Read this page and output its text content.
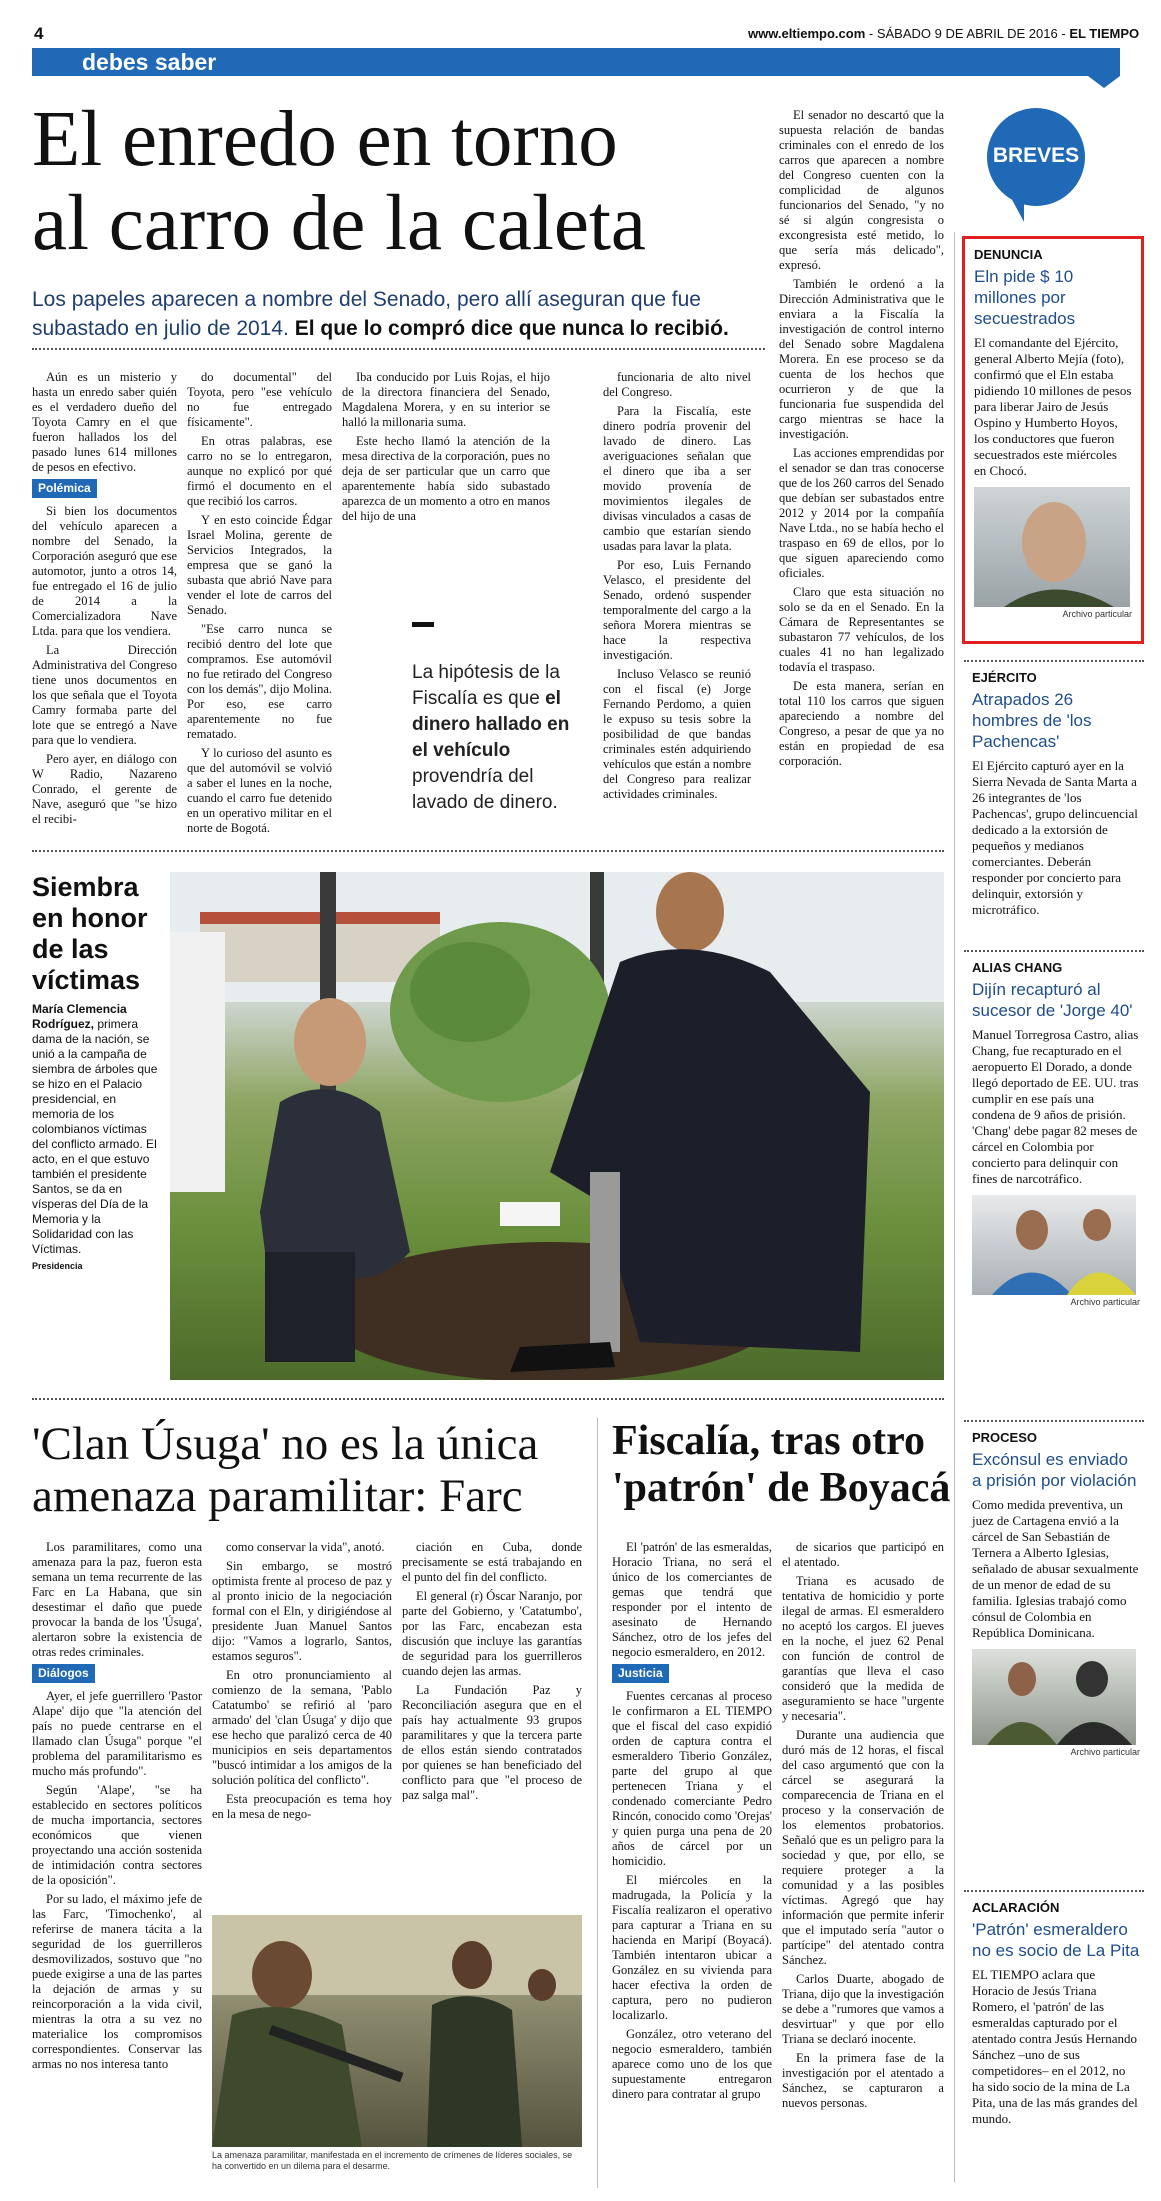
4	www.eltiempo.com - SÁBADO 9 DE ABRIL DE 2016 - EL TIEMPO
debes saber
El enredo en torno
al carro de la caleta
Los papeles aparecen a nombre del Senado, pero allí aseguran que fue
subastado en julio de 2014. El que lo compró dice que nunca lo recibió.

Aún es un misterio y hasta un enredo saber quién es el verdadero dueño del Toyota Camry en el que fueron hallados los del pasado lunes 614 millones de pesos en efectivo.

Polémica

Si bien los documentos del vehículo aparecen a nombre del Senado, la Corporación aseguró que ese automotor, junto a otros 14, fue entregado el 16 de julio de 2014 a la Comercializadora Nave Ltda. para que los vendiera.

La Dirección Administrativa del Congreso tiene unos documentos en los que señala que el Toyota Camry formaba parte del lote que se entregó a Nave para que lo vendiera.

Pero ayer, en diálogo con W Radio, Nazareno Conrado, el gerente de Nave, aseguró que "se hizo el recibi-

do documental" del Toyota, pero "ese vehículo no fue entregado físicamente".

En otras palabras, ese carro no se lo entregaron, aunque no explicó por qué firmó el documento en el que recibió los carros.

Y en esto coincide Édgar Israel Molina, gerente de Servicios Integrados, la empresa que se ganó la subasta que abrió Nave para vender el lote de carros del Senado.

"Ese carro nunca se recibió dentro del lote que compramos. Ese automóvil no fue retirado del Congreso con los demás", dijo Molina. Por eso, ese carro aparentemente no fue rematado.

Y lo curioso del asunto es que del automóvil se volvió a saber el lunes en la noche, cuando el carro fue detenido en un operativo militar en el norte de Bogotá.

Iba conducido por Luis Rojas, el hijo de la directora financiera del Senado, Magdalena Morera, y en su interior se halló la millonaria suma.

Este hecho llamó la atención de la mesa directiva de la corporación, pues no deja de ser particular que un carro que aparentemente había sido subastado aparezca de un momento a otro en manos del hijo de una

La hipótesis de la Fiscalía es que el dinero hallado en el vehículo provendría del lavado de dinero.

funcionaria de alto nivel del Congreso.

Para la Fiscalía, este dinero podría provenir del lavado de dinero. Las averiguaciones señalan que el dinero que iba a ser movido provenía de movimientos ilegales de divisas vinculados a casas de cambio que estarían siendo usadas para lavar la plata.

Por eso, Luis Fernando Velasco, el presidente del Senado, ordenó suspender temporalmente del cargo a la señora Morera mientras se hace la respectiva investigación.

Incluso Velasco se reunió con el fiscal (e) Jorge Fernando Perdomo, a quien le expuso su tesis sobre la posibilidad de que bandas criminales estén adquiriendo vehículos que están a nombre del Congreso para realizar actividades criminales.

El senador no descartó que la supuesta relación de bandas criminales con el enredo de los carros que aparecen a nombre del Congreso cuenten con la complicidad de algunos funcionarios del Senado, "y no sé si algún congresista o excongresista esté metido, lo que sería más delicado", expresó.

También le ordenó a la Dirección Administrativa que le enviara a la Fiscalía la investigación de control interno del Senado sobre Magdalena Morera. En ese proceso se da cuenta de los hechos que ocurrieron y de que la funcionaria fue suspendida del cargo mientras se hace la investigación.

Las acciones emprendidas por el senador se dan tras conocerse que de los 260 carros del Senado que debían ser subastados entre 2012 y 2014 por la compañía Nave Ltda., no se había hecho el traspaso en 69 de ellos, por lo que siguen apareciendo como oficiales.

Claro que esta situación no solo se da en el Senado. En la Cámara de Representantes se subastaron 77 vehículos, de los cuales 41 no han legalizado todavía el traspaso.

De esta manera, serían en total 110 los carros que siguen apareciendo a nombre del Congreso, a pesar de que ya no están en propiedad de esa corporación.

Siembra en honor de las víctimas
María Clemencia Rodríguez, primera dama de la nación, se unió a la campaña de siembra de árboles que se hizo en el Palacio presidencial, en memoria de los colombianos víctimas del conflicto armado. El acto, en el que estuvo también el presidente Santos, se da en vísperas del Día de la Memoria y la Solidaridad con las Víctimas.
Presidencia
'Clan Úsuga' no es la única amenaza paramilitar: Farc

Los paramilitares, como una amenaza para la paz, fueron esta semana un tema recurrente de las Farc en La Habana, que sin desestimar el daño que puede provocar la banda de los 'Úsuga', alertaron sobre la existencia de otras redes criminales.

Diálogos

Ayer, el jefe guerrillero 'Pastor Alape' dijo que "la atención del país no puede centrarse en el llamado clan Úsuga" porque "el problema del paramilitarismo es mucho más profundo".

Según 'Alape', "se ha establecido en sectores políticos de mucha importancia, sectores económicos que vienen proyectando una acción sostenida de intimidación contra sectores de la oposición".

Por su lado, el máximo jefe de las Farc, 'Timochenko', al referirse de manera tácita a la seguridad de los guerrilleros desmovilizados, sostuvo que "no puede exigirse a una de las partes la dejación de armas y su reincorporación a la vida civil, mientras la otra a su vez no materialice los compromisos correspondientes. Conservar las armas no nos interesa tanto

como conservar la vida", anotó.

Sin embargo, se mostró optimista frente al proceso de paz y al pronto inicio de la negociación formal con el Eln, y dirigiéndose al presidente Juan Manuel Santos dijo: "Vamos a lograrlo, Santos, estamos seguros".

En otro pronunciamiento al comienzo de la semana, 'Pablo Catatumbo' se refirió al 'paro armado' del 'clan Úsuga' y dijo que ese hecho que paralizó cerca de 40 municipios en seis departamentos "buscó intimidar a los amigos de la solución política del conflicto".

Esta preocupación es tema hoy en la mesa de nego-

ciación en Cuba, donde precisamente se está trabajando en el punto del fin del conflicto.

El general (r) Óscar Naranjo, por parte del Gobierno, y 'Catatumbo', por las Farc, encabezan esta discusión que incluye las garantías de seguridad para los guerrilleros cuando dejen las armas.

La Fundación Paz y Reconciliación asegura que en el país hay actualmente 93 grupos paramilitares y que la tercera parte de ellos están siendo contratados por quienes se han beneficiado del conflicto para que "el proceso de paz salga mal".

La amenaza paramilitar, manifestada en el incremento de crímenes de líderes sociales, se ha convertido en un dilema para el desarme.
Fiscalía, tras otro 'patrón' de Boyacá

El 'patrón' de las esmeraldas, Horacio Triana, no será el único de los comerciantes de gemas que tendrá que responder por el intento de asesinato de Hernando Sánchez, otro de los jefes del negocio esmeraldero, en 2012.

Justicia

Fuentes cercanas al proceso le confirmaron a EL TIEMPO que el fiscal del caso expidió orden de captura contra el esmeraldero Tiberio González, parte del grupo al que pertenecen Triana y el condenado comerciante Pedro Rincón, conocido como 'Orejas' y quien purga una pena de 20 años de cárcel por un homicidio.

El miércoles en la madrugada, la Policía y la Fiscalía realizaron el operativo para capturar a Triana en su hacienda en Maripí (Boyacá). También intentaron ubicar a González en su vivienda para hacer efectiva la orden de captura, pero no pudieron localizarlo.

González, otro veterano del negocio esmeraldero, también aparece como uno de los que supuestamente entregaron dinero para contratar al grupo

de sicarios que participó en el atentado.

Triana es acusado de tentativa de homicidio y porte ilegal de armas. El esmeraldero no aceptó los cargos. El jueves en la noche, el juez 62 Penal con función de control de garantías que lleva el caso consideró que la medida de aseguramiento se hace "urgente y necesaria".

Durante una audiencia que duró más de 12 horas, el fiscal del caso argumentó que con la cárcel se asegurará la comparecencia de Triana en el proceso y la conservación de los elementos probatorios. Señaló que es un peligro para la sociedad y que, por ello, se requiere proteger a la comunidad y a las posibles víctimas. Agregó que hay información que permite inferir que el imputado sería "autor o partícipe" del atentado contra Sánchez.

Carlos Duarte, abogado de Triana, dijo que la investigación se debe a "rumores que vamos a desvirtuar" y que por ello Triana se declaró inocente.

En la primera fase de la investigación por el atentado a Sánchez, se capturaron a nuevos personas.

BREVES
DENUNCIA
Eln pide $ 10 millones por secuestrados
El comandante del Ejército, general Alberto Mejía (foto), confirmó que el Eln estaba pidiendo 10 millones de pesos para liberar Jairo de Jesús Ospino y Humberto Hoyos, los conductores que fueron secuestrados este miércoles en Chocó.
Archivo particular
EJÉRCITO
Atrapados 26 hombres de 'los Pachencas'
El Ejército capturó ayer en la Sierra Nevada de Santa Marta a 26 integrantes de 'los Pachencas', grupo delincuencial dedicado a la extorsión de pequeños y medianos comerciantes. Deberán responder por concierto para delinquir, extorsión y microtráfico.
ALIAS CHANG
Dijín recapturó al sucesor de 'Jorge 40'
Manuel Torregrosa Castro, alias Chang, fue recapturado en el aeropuerto El Dorado, a donde llegó deportado de EE. UU. tras cumplir en ese país una condena de 9 años de prisión. 'Chang' debe pagar 82 meses de cárcel en Colombia por concierto para delinquir con fines de narcotráfico.
Archivo particular
PROCESO
Excónsul es enviado a prisión por violación
Como medida preventiva, un juez de Cartagena envió a la cárcel de San Sebastián de Ternera a Alberto Iglesias, señalado de abusar sexualmente de un menor de edad de su familia. Iglesias trabajó como cónsul de Colombia en República Dominicana.
Archivo particular
ACLARACIÓN
'Patrón' esmeraldero no es socio de La Pita
EL TIEMPO aclara que Horacio de Jesús Triana Romero, el 'patrón' de las esmeraldas capturado por el atentado contra Jesús Hernando Sánchez –uno de sus competidores– en el 2012, no ha sido socio de la mina de La Pita, una de las más grandes del mundo.
